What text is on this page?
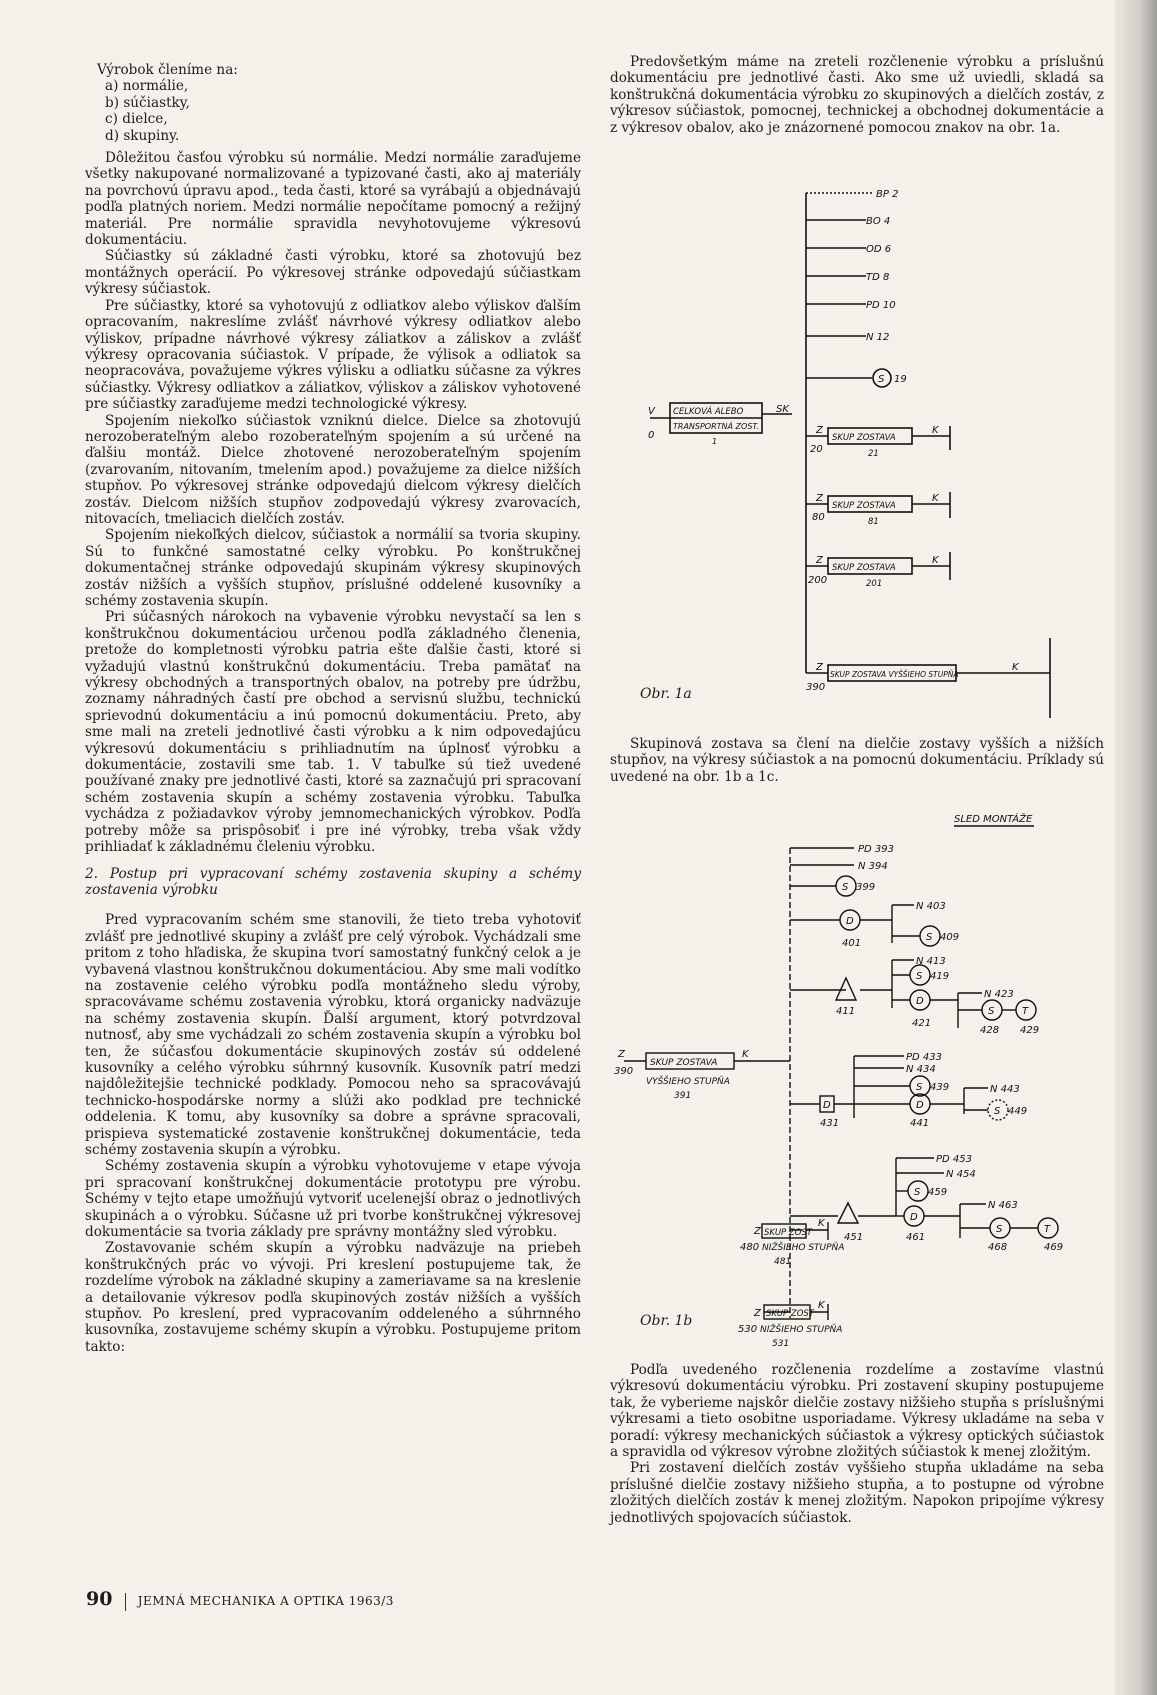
Výrobok členíme na:

a) normálie,
b) súčiastky,
c) dielce,
d) skupiny.

Dôležitou časťou výrobku sú normálie. Medzi normálie zaraďujeme všetky nakupované normalizované a typizované časti, ako aj materiály na povrchovú úpravu apod., teda časti, ktoré sa vyrábajú a objednávajú podľa platných noriem. Medzi normálie nepočítame pomocný a režijný materiál. Pre normálie spravidla nevyhotovujeme výkresovú dokumentáciu.

Súčiastky sú základné časti výrobku, ktoré sa zhotovujú bez montážnych operácií. Po výkresovej stránke odpovedajú súčiastkam výkresy súčiastok.

Pre súčiastky, ktoré sa vyhotovujú z odliatkov alebo výliskov ďalším opracovaním, nakreslíme zvlášť návrhové výkresy odliatkov alebo výliskov, prípadne návrhové výkresy záliatkov a záliskov a zvlášť výkresy opracovania súčiastok. V prípade, že výlisok a odliatok sa neopracováva, považujeme výkres výlisku a odliatku súčasne za výkres súčiastky. Výkresy odliatkov a záliatkov, výliskov a záliskov vyhotovené pre súčiastky zaraďujeme medzi technologické výkresy.

Spojením niekoľko súčiastok vzniknú dielce. Dielce sa zhotovujú nerozoberateľným alebo rozoberateľným spojením a sú určené na ďalšiu montáž. Dielce zhotovené nerozoberateľným spojením (zvarovaním, nitovaním, tmelením apod.) považujeme za dielce nižších stupňov. Po výkresovej stránke odpovedajú dielcom výkresy dielčích zostáv. Dielcom nižších stupňov zodpovedajú výkresy zvarovacích, nitovacích, tmeliacich dielčích zostáv.

Spojením niekoľkých dielcov, súčiastok a normálií sa tvoria skupiny. Sú to funkčné samostatné celky výrobku. Po konštrukčnej dokumentačnej stránke odpovedajú skupinám výkresy skupinových zostáv nižších a vyšších stupňov, príslušné oddelené kusovníky a schémy zostavenia skupín.

Pri súčasných nárokoch na vybavenie výrobku nevystačí sa len s konštrukčnou dokumentáciou určenou podľa základného členenia, pretože do kompletnosti výrobku patria ešte ďalšie časti, ktoré si vyžadujú vlastnú konštrukčnú dokumentáciu. Treba pamätať na výkresy obchodných a transportných obalov, na potreby pre údržbu, zoznamy náhradných častí pre obchod a servisnú službu, technickú sprievodnú dokumentáciu a inú pomocnú dokumentáciu. Preto, aby sme mali na zreteli jednotlivé časti výrobku a k nim odpovedajúcu výkresovú dokumentáciu s prihliadnutím na úplnosť výrobku a dokumentácie, zostavili sme tab. 1. V tabuľke sú tiež uvedené používané znaky pre jednotlivé časti, ktoré sa zaznačujú pri spracovaní schém zostavenia skupín a schémy zostavenia výrobku. Tabuľka vychádza z požiadavkov výroby jemnomechanických výrobkov. Podľa potreby môže sa prispôsobiť i pre iné výrobky, treba však vždy prihliadať k základnému čleleniu výrobku.

2. Postup pri vypracovaní schémy zostavenia skupiny a schémy zostavenia výrobku

Pred vypracovaním schém sme stanovili, že tieto treba vyhotoviť zvlášť pre jednotlivé skupiny a zvlášť pre celý výrobok. Vychádzali sme pritom z toho hľadiska, že skupina tvorí samostatný funkčný celok a je vybavená vlastnou konštrukčnou dokumentáciou. Aby sme mali vodítko na zostavenie celého výrobku podľa montážneho sledu výroby, spracovávame schému zostavenia výrobku, ktorá organicky nadväzuje na schémy zostavenia skupín. Ďalší argument, ktorý potvrdzoval nutnosť, aby sme vychádzali zo schém zostavenia skupín a výrobku bol ten, že súčasťou dokumentácie skupinových zostáv sú oddelené kusovníky a celého výrobku súhrnný kusovník. Kusovník patrí medzi najdôležitejšie technické podklady. Pomocou neho sa spracovávajú technicko-hospodárske normy a slúži ako podklad pre technické oddelenia. K tomu, aby kusovníky sa dobre a správne spracovali, prispieva systematické zostavenie konštrukčnej dokumentácie, teda schémy zostavenia skupín a výrobku.

Schémy zostavenia skupín a výrobku vyhotovujeme v etape vývoja pri spracovaní konštrukčnej dokumentácie prototypu pre výrobu. Schémy v tejto etape umožňujú vytvoriť ucelenejší obraz o jednotlivých skupinách a o výrobku. Súčasne už pri tvorbe konštrukčnej výkresovej dokumentácie sa tvoria základy pre správny montážny sled výrobku.

Zostavovanie schém skupín a výrobku nadväzuje na priebeh konštrukčných prác vo vývoji. Pri kreslení postupujeme tak, že rozdelíme výrobok na základné skupiny a zameriavame sa na kreslenie a detailovanie výkresov podľa skupinových zostáv nižších a vyšších stupňov. Po kreslení, pred vypracovaním oddeleného a súhrnného kusovníka, zostavujeme schémy skupín a výrobku. Postupujeme pritom takto:

Predovšetkým máme na zreteli rozčlenenie výrobku a príslušnú dokumentáciu pre jednotlivé časti. Ako sme už uviedli, skladá sa konštrukčná dokumentácia výrobku zo skupinových a dielčích zostáv, z výkresov súčiastok, pomocnej, technickej a obchodnej dokumentácie a z výkresov obalov, ako je znázornené pomocou znakov na obr. 1a.

BP 2
BO 4
OD 6
TD 8
PD 10
N 12
S 19
CELKOVÁ ALEBO
TRANSPORTNÁ ZOST.
1
V
0
SK
Z
20
SKUP ZOSTAVA
21
K
Z
80
SKUP ZOSTAVA
81
K
Z
200
SKUP ZOSTAVA
201
K
Z
390
SKUP ZOSTAVA VYŠŠIEHO STUPŇA
K
Obr. 1a

Skupinová zostava sa člení na dielčie zostavy vyšších a nižších stupňov, na výkresy súčiastok a na pomocnú dokumentáciu. Príklady sú uvedené na obr. 1b a 1c.

SLED MONTÁŽE
PD 393
N 394
S 399
D
401
N 403
S 409
N 413
411
S 419
D
421
N 423
S
428
T
429
Z
390
SKUP ZOSTAVA
VYŠŠIEHO STUPŇA
391
K	PD 433
N 434
S 439	N 443
D	D
431	441
S 449
PD 453
N 454
S 459
N 463
451
D
461
S
468
T
469
Z SKUP ZOST
K
480 NIŽŠIEHO STUPŇA
481
Z SKUP ZOST
K
530 NIŽŠIEHO STUPŇA
531
Obr. 1b

Podľa uvedeného rozčlenenia rozdelíme a zostavíme vlastnú výkresovú dokumentáciu výrobku. Pri zostavení skupiny postupujeme tak, že vyberieme najskôr dielčie zostavy nižšieho stupňa s príslušnými výkresami a tieto osobitne usporiadame. Výkresy ukladáme na seba v poradí: výkresy mechanických súčiastok a výkresy optických súčiastok a spravidla od výkresov výrobne zložitých súčiastok k menej zložitým.

Pri zostavení dielčích zostáv vyššieho stupňa ukladáme na seba príslušné dielčie zostavy nižšieho stupňa, a to postupne od výrobne zložitých dielčích zostáv k menej zložitým. Napokon pripojíme výkresy jednotlivých spojovacích súčiastok.

90 JEMNÁ MECHANIKA A OPTIKA 1963/3
